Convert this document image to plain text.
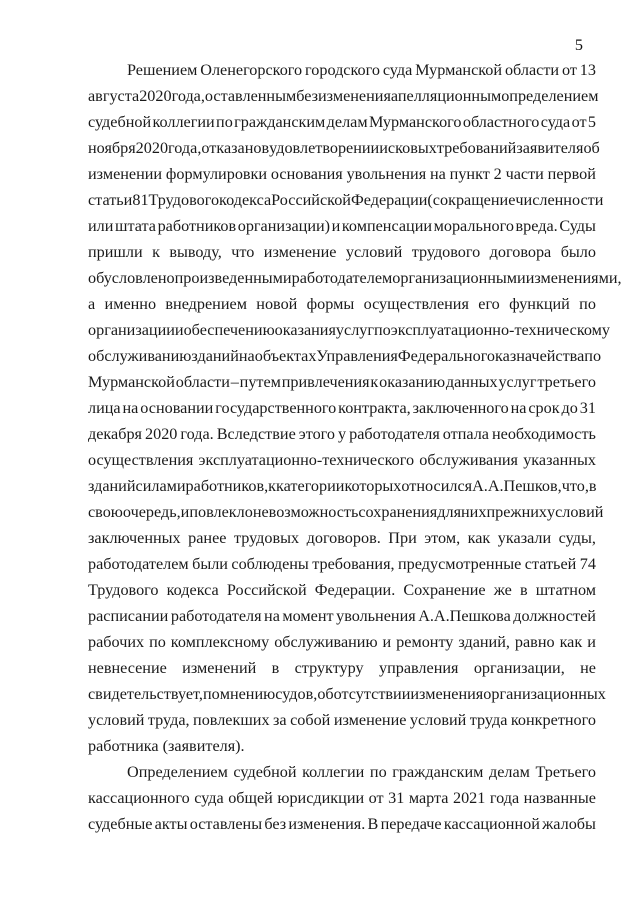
5
Решением Оленегорского городского суда Мурманской области от 13
августа 2020 года, оставленным без изменения апелляционным определением
судебной коллегии по гражданским делам Мурманского областного суда от 5
ноября 2020 года, отказано в удовлетворении исковых требований заявителя об
изменении формулировки основания увольнения на пункт 2 части первой
статьи 81 Трудового кодекса Российской Федерации (сокращение численности
или штата работников организации) и компенсации морального вреда. Суды
пришли к выводу, что изменение условий трудового договора было
обусловлено произведенными работодателем организационными изменениями,
а именно внедрением новой формы осуществления его функций по
организации и обеспечению оказания услуг по эксплуатационно-техническому
обслуживанию зданий на объектах Управления Федерального казначейства по
Мурманской области – путем привлечения к оказанию данных услуг третьего
лица на основании государственного контракта, заключенного на срок до 31
декабря 2020 года. Вследствие этого у работодателя отпала необходимость
осуществления эксплуатационно-технического обслуживания указанных
зданий силами работников, к категории которых относился А.А.Пешков, что, в
свою очередь, и повлекло невозможность сохранения для них прежних условий
заключенных ранее трудовых договоров. При этом, как указали суды,
работодателем были соблюдены требования, предусмотренные статьей 74
Трудового кодекса Российской Федерации. Сохранение же в штатном
расписании работодателя на момент увольнения А.А.Пешкова должностей
рабочих по комплексному обслуживанию и ремонту зданий, равно как и
невнесение изменений в структуру управления организации, не
свидетельствует, по мнению судов, об отсутствии изменения организационных
условий труда, повлекших за собой изменение условий труда конкретного
работника (заявителя).
Определением судебной коллегии по гражданским делам Третьего
кассационного суда общей юрисдикции от 31 марта 2021 года названные
судебные акты оставлены без изменения. В передаче кассационной жалобы
